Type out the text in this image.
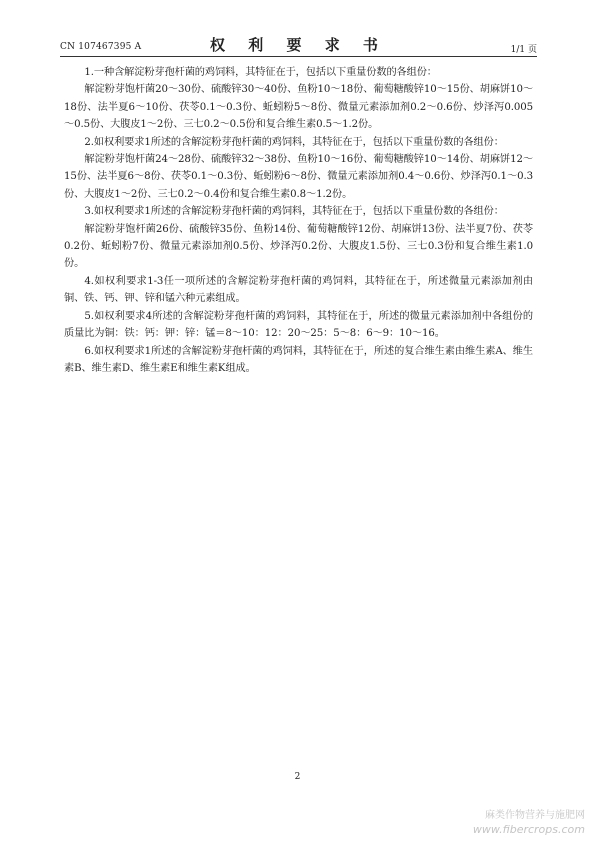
CN 107467395 A	权 利 要 求 书	1/1 页

1.一种含解淀粉芽孢杆菌的鸡饲料，其特征在于，包括以下重量份数的各组份：

解淀粉芽饱杆菌20～30份、硫酸锌30～40份、鱼粉10～18份、葡萄糖酸锌10～15份、胡麻饼10～18份、法半夏6～10份、茯苓0.1～0.3份、蚯蚓粉5～8份、微量元素添加剂0.2～0.6份、炒泽泻0.005～0.5份、大腹皮1～2份、三七0.2～0.5份和复合维生素0.5～1.2份。

2.如权利要求1所述的含解淀粉芽孢杆菌的鸡饲料，其特征在于，包括以下重量份数的各组份：

解淀粉芽饱杆菌24～28份、硫酸锌32～38份、鱼粉10～16份、葡萄糖酸锌10～14份、胡麻饼12～15份、法半夏6～8份、茯苓0.1～0.3份、蚯蚓粉6～8份、微量元素添加剂0.4～0.6份、炒泽泻0.1～0.3份、大腹皮1～2份、三七0.2～0.4份和复合维生素0.8～1.2份。

3.如权利要求1所述的含解淀粉芽孢杆菌的鸡饲料，其特征在于，包括以下重量份数的各组份：

解淀粉芽饱杆菌26份、硫酸锌35份、鱼粉14份、葡萄糖酸锌12份、胡麻饼13份、法半夏7份、茯苓0.2份、蚯蚓粉7份、微量元素添加剂0.5份、炒泽泻0.2份、大腹皮1.5份、三七0.3份和复合维生素1.0份。

4.如权利要求1-3任一项所述的含解淀粉芽孢杆菌的鸡饲料，其特征在于，所述微量元素添加剂由铜、铁、钙、钾、锌和锰六种元素组成。

5.如权利要求4所述的含解淀粉芽孢杆菌的鸡饲料，其特征在于，所述的微量元素添加剂中各组份的质量比为铜：铁：钙：钾：锌：锰＝8～10：12：20～25：5～8：6～9：10～16。

6.如权利要求1所述的含解淀粉芽孢杆菌的鸡饲料，其特征在于，所述的复合维生素由维生素A、维生素B、维生素D、维生素E和维生素K组成。

2
麻类作物营养与施肥网
www.fibercrops.com
